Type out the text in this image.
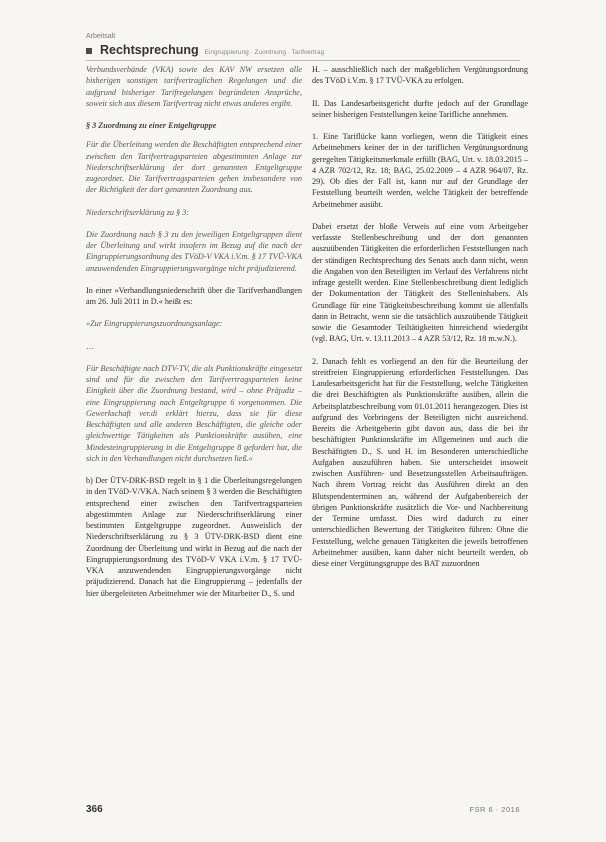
Arbeitsalt
Rechtsprechung Eingruppierung · Zuordnung · Tarifvertrag

Verbundsverbände (VKA) sowie des KAV NW ersetzen alle bisherigen sonstigen tarifvertraglichen Regelungen und die aufgrund bisheriger Tarifregelungen begründeten Ansprüche, soweit sich aus diesem Tarifvertrag nicht etwas anderes ergibt.

§ 3 Zuordnung zu einer Entgeltgruppe

Für die Überleitung werden die Beschäftigten entsprechend einer zwischen den Tarifvertragsparteien abgestimmten Anlage zur Niederschriftserklärung der dort genannten Entgeltgruppe zugeordnet. Die Tarifvertragsparteien gehen insbesondere von der Richtigkeit der dort genannten Zuordnung aus.

Niederschriftserklärung zu § 3:

Die Zuordnung nach § 3 zu den jeweiligen Entgeltgruppen dient der Überleitung und wirkt insofern im Bezug auf die nach der Eingruppierungsordnung des TVöD-V VKA i.V.m. § 17 TVÜ-VKA anzuwendenden Eingruppierungsvorgänge nicht präjudizierend.

In einer »Verhandlungsniederschrift über die Tarifverhandlungen am 26. Juli 2011 in D.« heißt es:

»Zur Eingruppierungszuordnungsanlage:

…

Für Beschäftigte nach DTV-TV, die als Punktionskräfte eingesetzt sind und für die zwischen den Tarifvertragsparteien keine Einigkeit über die Zuordnung bestand, wird – ohne Präjudiz – eine Eingruppierung nach Entgeltgruppe 6 vorgenommen. Die Gewerkschaft ver.di erklärt hierzu, dass sie für diese Beschäftigten und alle anderen Beschäftigten, die gleiche oder gleichwertige Tätigkeiten als Punktionskräfte ausüben, eine Mindesteingruppierung in die Entgeltgruppe 8 gefordert hat, die sich in den Verhandlungen nicht durchsetzen ließ.«

b) Der ÜTV-DRK-BSD regelt in § 1 die Überleitungsregelungen in den TVöD-V/VKA. Nach seinem § 3 werden die Beschäftigten entsprechend einer zwischen den Tarifvertragsparteien abgestimmten Anlage zur Niederschriftserklärung einer bestimmten Entgeltgruppe zugeordnet. Ausweislich der Niederschriftserklärung zu § 3 ÜTV-DRK-BSD dient eine Zuordnung der Überleitung und wirkt in Bezug auf die nach der Eingruppierungsordnung des TVöD-V VKA i.V.m. § 17 TVÜ-VKA anzuwendenden Eingruppierungsvorgänge nicht präjudizierend. Danach hat die Eingruppierung – jedenfalls der hier übergeleiteten Arbeitnehmer wie der Mitarbeiter D., S. und

H. – ausschließlich nach der maßgeblichen Vergütungsordnung des TVöD i.V.m. § 17 TVÜ-VKA zu erfolgen.

II. Das Landesarbeitsgericht durfte jedoch auf der Grundlage seiner bisherigen Feststellungen keine Tarifliche annehmen.

1. Eine Tariflücke kann vorliegen, wenn die Tätigkeit eines Arbeitnehmers keiner der in der tariflichen Vergütungsordnung geregelten Tätigkeitsmerkmale erfüllt (BAG, Urt. v. 18.03.2015 – 4 AZR 702/12, Rz. 18; BAG, 25.02.2009 – 4 AZR 964/07, Rz. 29). Ob dies der Fall ist, kann nur auf der Grundlage der Feststellung beurteilt werden, welche Tätigkeit der betreffende Arbeitnehmer ausübt.

Dabei ersetzt der bloße Verweis auf eine vom Arbeitgeber verfasste Stellenbeschreibung und der dort genannten auszuübenden Tätigkeiten die erforderlichen Feststellungen nach der ständigen Rechtsprechung des Senats auch dann nicht, wenn die Angaben von den Beteiligten im Verlauf des Verfahrens nicht infrage gestellt werden. Eine Stellenbeschreibung dient lediglich der Dokumentation der Tätigkeit des Stelleninhabers. Als Grundlage für eine Tätigkeitsbeschreibung kommt sie allenfalls dann in Betracht, wenn sie die tatsächlich auszuübende Tätigkeit sowie die Gesamtoder Teiltätigkeiten hinreichend wiedergibt (vgl. BAG, Urt. v. 13.11.2013 – 4 AZR 53/12, Rz. 18 m.w.N.).

2. Danach fehlt es vorliegend an den für die Beurteilung der streitfreien Eingruppierung erforderlichen Feststellungen. Das Landesarbeitsgericht hat für die Feststellung, welche Tätigkeiten die drei Beschäftigten als Punktionskräfte ausüben, allein die Arbeitsplatzbeschreibung vom 01.01.2011 herangezogen. Dies ist aufgrund des Vorbringens der Beteiligten nicht ausreichend. Bereits die Arbeitgeberin gibt davon aus, dass die bei ihr beschäftigten Punktionskräfte im Allgemeinen und auch die Beschäftigten D., S. und H. im Besonderen unterschiedliche Aufgaben auszuführen haben. Sie unterscheidet insoweit zwischen Ausführen- und Besetzungsstellen Arbeitsaufträgen. Nach ihrem Vortrag reicht das Ausführen direkt an den Blutspendenterminen an, während der Aufgabenbereich der übrigen Punktionskräfte zusätzlich die Vor- und Nachbereitung der Termine umfasst. Dies wird dadurch zu einer unterschiedlichen Bewertung der Tätigkeiten führen: Ohne die Feststellung, welche genauen Tätigkeiten die jeweils betroffenen Arbeitnehmer ausüben, kann daher nicht beurteilt werden, ob diese einer Vergütungsgruppe des BAT zuzuordnen

366	FSR 6 · 2016
